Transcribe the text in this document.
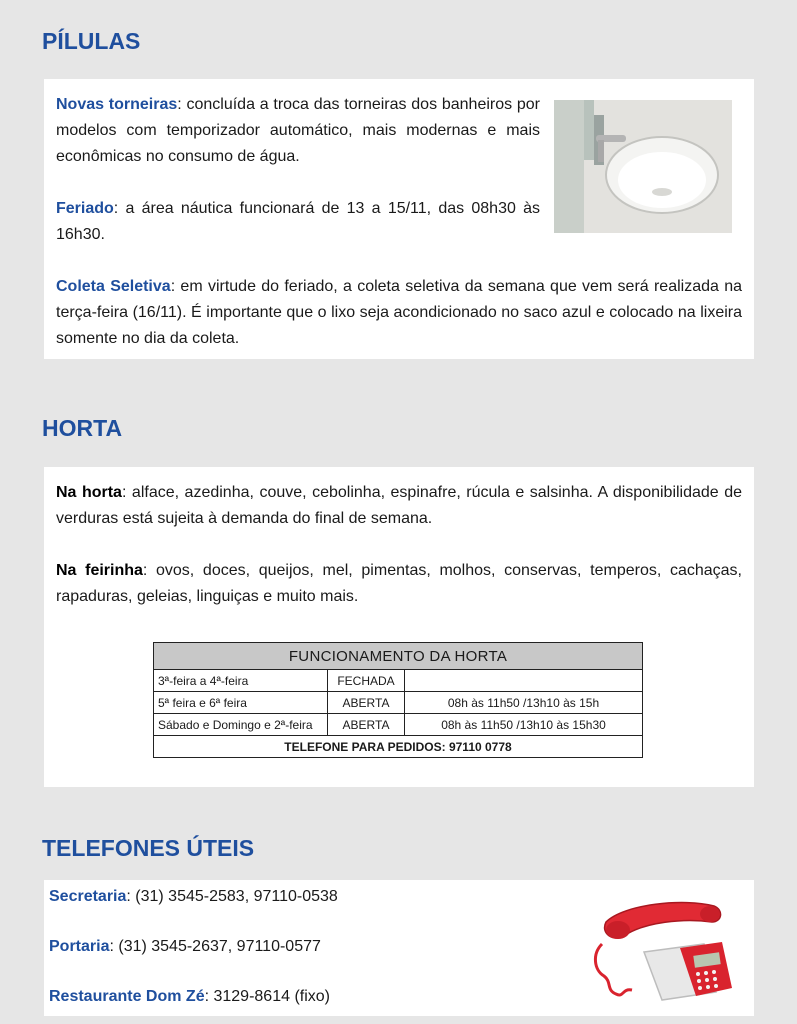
PÍLULAS

Novas torneiras: concluída a troca das torneiras dos banheiros por modelos com temporizador automático, mais modernas e mais econômicas no consumo de água.

Feriado: a área náutica funcionará de 13 a 15/11, das 08h30 às 16h30.

Coleta Seletiva: em virtude do feriado, a coleta seletiva da semana que vem será realizada na terça-feira (16/11). É importante que o lixo seja acondicionado no saco azul e colocado na lixeira somente no dia da coleta.

HORTA

Na horta: alface, azedinha, couve, cebolinha, espinafre, rúcula e salsinha. A disponibilidade de verduras está sujeita à demanda do final de semana.

Na feirinha: ovos, doces, queijos, mel, pimentas, molhos, conservas, temperos, cachaças, rapaduras, geleias, linguiças e muito mais.

FUNCIONAMENTO DA HORTA		
3ª-feira a 4ª-feira	FECHADA	
5ª feira e 6ª feira	ABERTA	08h às 11h50 /13h10 às 15h
Sábado e Domingo e 2ª-feira	ABERTA	08h às 11h50 /13h10 às 15h30
TELEFONE PARA PEDIDOS: 97110 0778		
TELEFONES ÚTEIS

Secretaria: (31) 3545-2583, 97110-0538

Portaria: (31) 3545-2637, 97110-0577

Restaurante Dom Zé: 3129-8614 (fixo)
